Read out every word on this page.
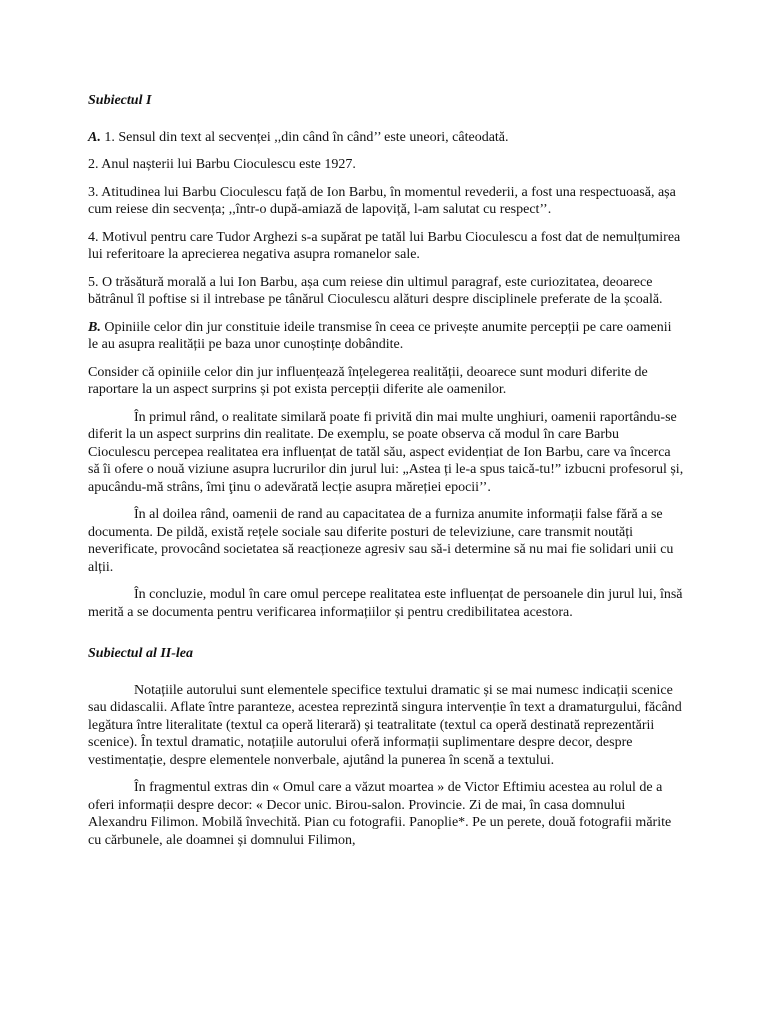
Subiectul I

A. 1. Sensul din text al secvenței ,,din când în când’’ este uneori, câteodată.

2. Anul nașterii lui Barbu Cioculescu este 1927.

3. Atitudinea lui Barbu Cioculescu față de Ion Barbu, în momentul revederii, a fost una respectuoasă, așa cum reiese din secvența; ,,într-o după-amiază de lapoviță, l-am salutat cu respect’’.

4. Motivul pentru care Tudor Arghezi s-a supărat pe tatăl lui Barbu Cioculescu a fost dat de nemulțumirea lui referitoare la aprecierea negativa asupra romanelor sale.

5. O trăsătură morală a lui Ion Barbu, așa cum reiese din ultimul paragraf, este curiozitatea, deoarece bătrânul îl poftise si il intrebase pe tânărul Cioculescu alături despre disciplinele preferate de la școală.

B. Opiniile celor din jur constituie ideile transmise în ceea ce privește anumite percepții pe care oamenii le au asupra realității pe baza unor cunoștințe dobândite.

Consider că opiniile celor din jur influențează înțelegerea realității, deoarece sunt moduri diferite de raportare la un aspect surprins și pot exista percepții diferite ale oamenilor.

În primul rând, o realitate similară poate fi privită din mai multe unghiuri, oamenii raportându-se diferit la un aspect surprins din realitate. De exemplu, se poate observa că modul în care Barbu Cioculescu percepea realitatea era influențat de tatăl său, aspect evidențiat de Ion Barbu, care va încerca să îi ofere o nouă viziune asupra lucrurilor din jurul lui: „Astea ți le-a spus taică-tu!” izbucni profesorul și, apucându-mă strâns, îmi ţinu o adevărată lecție asupra măreției epocii’’.

În al doilea rând, oamenii de rand au capacitatea de a furniza anumite informații false fără a se documenta. De pildă, există rețele sociale sau diferite posturi de televiziune, care transmit noutăți neverificate, provocând societatea să reacționeze agresiv sau să-i determine să nu mai fie solidari unii cu alții.

În concluzie, modul în care omul percepe realitatea este influențat de persoanele din jurul lui, însă merită a se documenta pentru verificarea informațiilor și pentru credibilitatea acestora.

Subiectul al II-lea

Notațiile autorului sunt elementele specifice textului dramatic și se mai numesc indicații scenice sau didascalii. Aflate între paranteze, acestea reprezintă singura intervenție în text a dramaturgului, făcând legătura între literalitate (textul ca operă literară) și teatralitate (textul ca operă destinată reprezentării scenice). În textul dramatic, notațiile autorului oferă informații suplimentare despre decor, despre vestimentație, despre elementele nonverbale, ajutând la punerea în scenă a textului.

În fragmentul extras din « Omul care a văzut moartea » de Victor Eftimiu acestea au rolul de a oferi informații despre decor: « Decor unic. Birou-salon. Provincie. Zi de mai, în casa domnului Alexandru Filimon. Mobilă învechită. Pian cu fotografii. Panoplie*. Pe un perete, două fotografii mărite cu cărbunele, ale doamnei și domnului Filimon,
